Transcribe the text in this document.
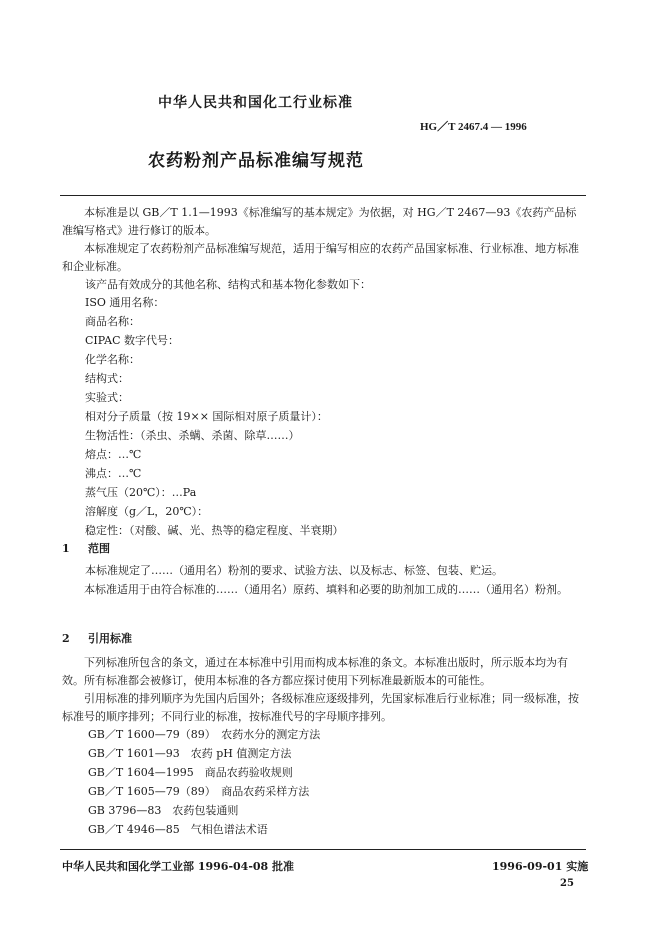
中华人民共和国化工行业标准
HG／T 2467.4 — 1996
农药粉剂产品标准编写规范
本标准是以 GB／T 1.1—1993《标准编写的基本规定》为依据，对 HG／T 2467—93《农药产品标准编写格式》进行修订的版本。
本标准规定了农药粉剂产品标准编写规范，适用于编写相应的农药产品国家标准、行业标准、地方标准和企业标准。
该产品有效成分的其他名称、结构式和基本物化参数如下：
ISO 通用名称：
商品名称：
CIPAC 数字代号：
化学名称：
结构式：
实验式：
相对分子质量（按 19×× 国际相对原子质量计）：
生物活性：（杀虫、杀螨、杀菌、除草……）
熔点：…℃
沸点：…℃
蒸气压（20℃）：…Pa
溶解度（g／L，20℃）：
稳定性：（对酸、碱、光、热等的稳定程度、半衰期）
1 范围
本标准规定了……（通用名）粉剂的要求、试验方法、以及标志、标签、包装、贮运。
本标准适用于由符合标准的……（通用名）原药、填料和必要的助剂加工成的……（通用名）粉剂。
2 引用标准
下列标准所包含的条文，通过在本标准中引用而构成本标准的条文。本标准出版时，所示版本均为有效。所有标准都会被修订，使用本标准的各方都应探讨使用下列标准最新版本的可能性。
引用标准的排列顺序为先国内后国外；各级标准应逐级排列，先国家标准后行业标准；同一级标准，按标准号的顺序排列；不同行业的标准，按标准代号的字母顺序排列。
GB／T 1600—79（89）　农药水分的测定方法
GB／T 1601—93　农药 pH 值测定方法
GB／T 1604—1995　商品农药验收规则
GB／T 1605—79（89）　商品农药采样方法
GB 3796—83　农药包装通则
GB／T 4946—85　气相色谱法术语
中华人民共和国化学工业部 1996-04-08 批准	1996-09-01 实施
25
